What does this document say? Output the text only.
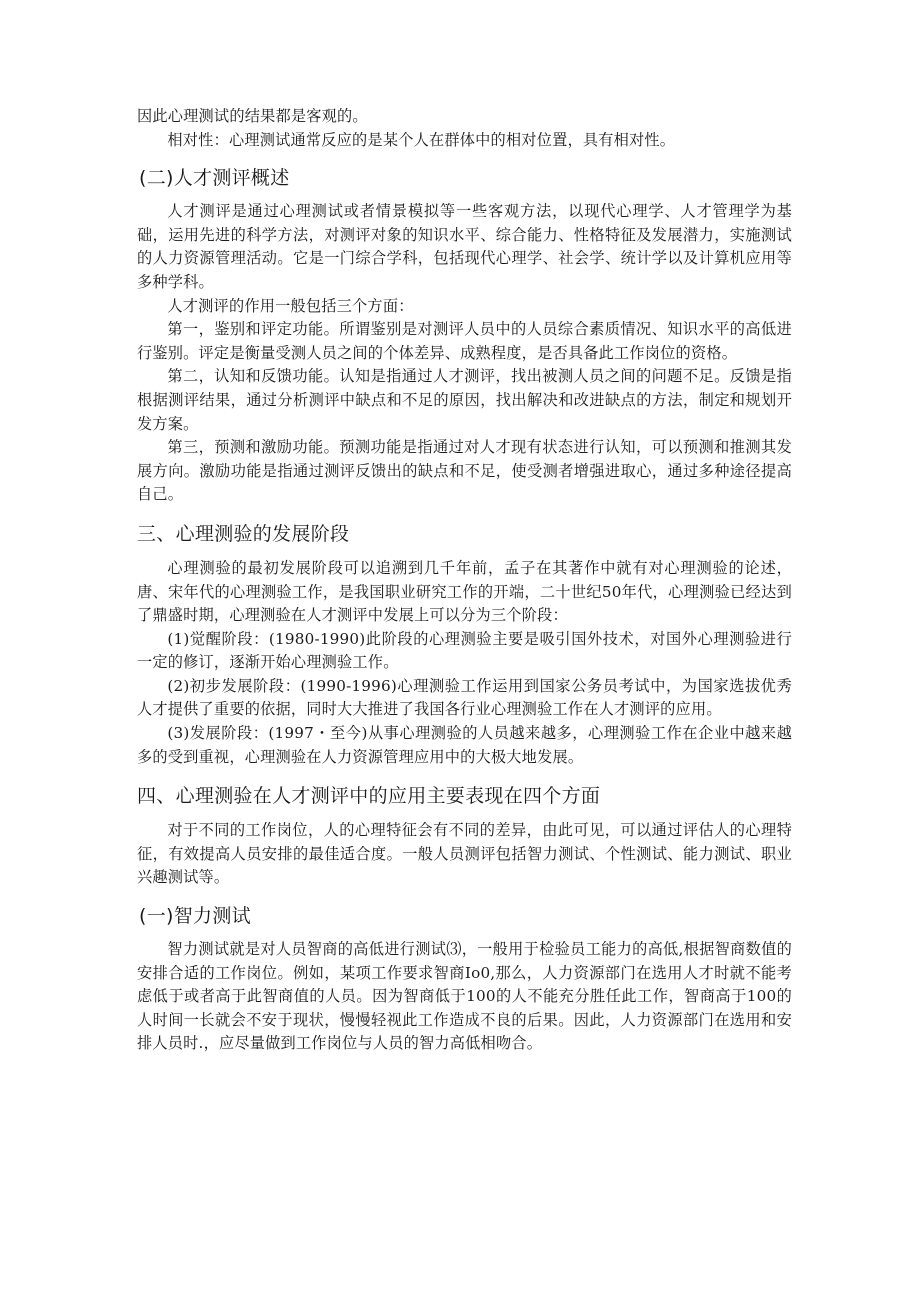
因此心理测试的结果都是客观的。

相对性：心理测试通常反应的是某个人在群体中的相对位置，具有相对性。

(二)人才测评概述

人才测评是通过心理测试或者情景模拟等一些客观方法，以现代心理学、人才管理学为基础，运用先进的科学方法，对测评对象的知识水平、综合能力、性格特征及发展潜力，实施测试的人力资源管理活动。它是一门综合学科，包括现代心理学、社会学、统计学以及计算机应用等多种学科。

人才测评的作用一般包括三个方面：

第一，鉴别和评定功能。所谓鉴别是对测评人员中的人员综合素质情况、知识水平的高低进行鉴别。评定是衡量受测人员之间的个体差异、成熟程度，是否具备此工作岗位的资格。

第二，认知和反馈功能。认知是指通过人才测评，找出被测人员之间的问题不足。反馈是指根据测评结果，通过分析测评中缺点和不足的原因，找出解决和改进缺点的方法，制定和规划开发方案。

第三，预测和激励功能。预测功能是指通过对人才现有状态进行认知，可以预测和推测其发展方向。激励功能是指通过测评反馈出的缺点和不足，使受测者增强进取心，通过多种途径提高自己。

三、心理测验的发展阶段

心理测验的最初发展阶段可以追溯到几千年前，孟子在其著作中就有对心理测验的论述，唐、宋年代的心理测验工作，是我国职业研究工作的开端，二十世纪50年代，心理测验已经达到了鼎盛时期，心理测验在人才测评中发展上可以分为三个阶段：

(1)觉醒阶段：(1980-1990)此阶段的心理测验主要是吸引国外技术，对国外心理测验进行一定的修订，逐渐开始心理测验工作。

(2)初步发展阶段：(1990-1996)心理测验工作运用到国家公务员考试中，为国家选拔优秀人才提供了重要的依据，同时大大推进了我国各行业心理测验工作在人才测评的应用。

(3)发展阶段：(1997・至今)从事心理测验的人员越来越多，心理测验工作在企业中越来越多的受到重视，心理测验在人力资源管理应用中的大极大地发展。

四、心理测验在人才测评中的应用主要表现在四个方面

对于不同的工作岗位，人的心理特征会有不同的差异，由此可见，可以通过评估人的心理特征，有效提高人员安排的最佳适合度。一般人员测评包括智力测试、个性测试、能力测试、职业兴趣测试等。

(一)智力测试

智力测试就是对人员智商的高低进行测试⑶，一般用于检验员工能力的高低,根据智商数值的安排合适的工作岗位。例如，某项工作要求智商Io0,那么，人力资源部门在选用人才时就不能考虑低于或者高于此智商值的人员。因为智商低于100的人不能充分胜任此工作，智商高于100的人时间一长就会不安于现状，慢慢轻视此工作造成不良的后果。因此，人力资源部门在选用和安排人员时.，应尽量做到工作岗位与人员的智力高低相吻合。
